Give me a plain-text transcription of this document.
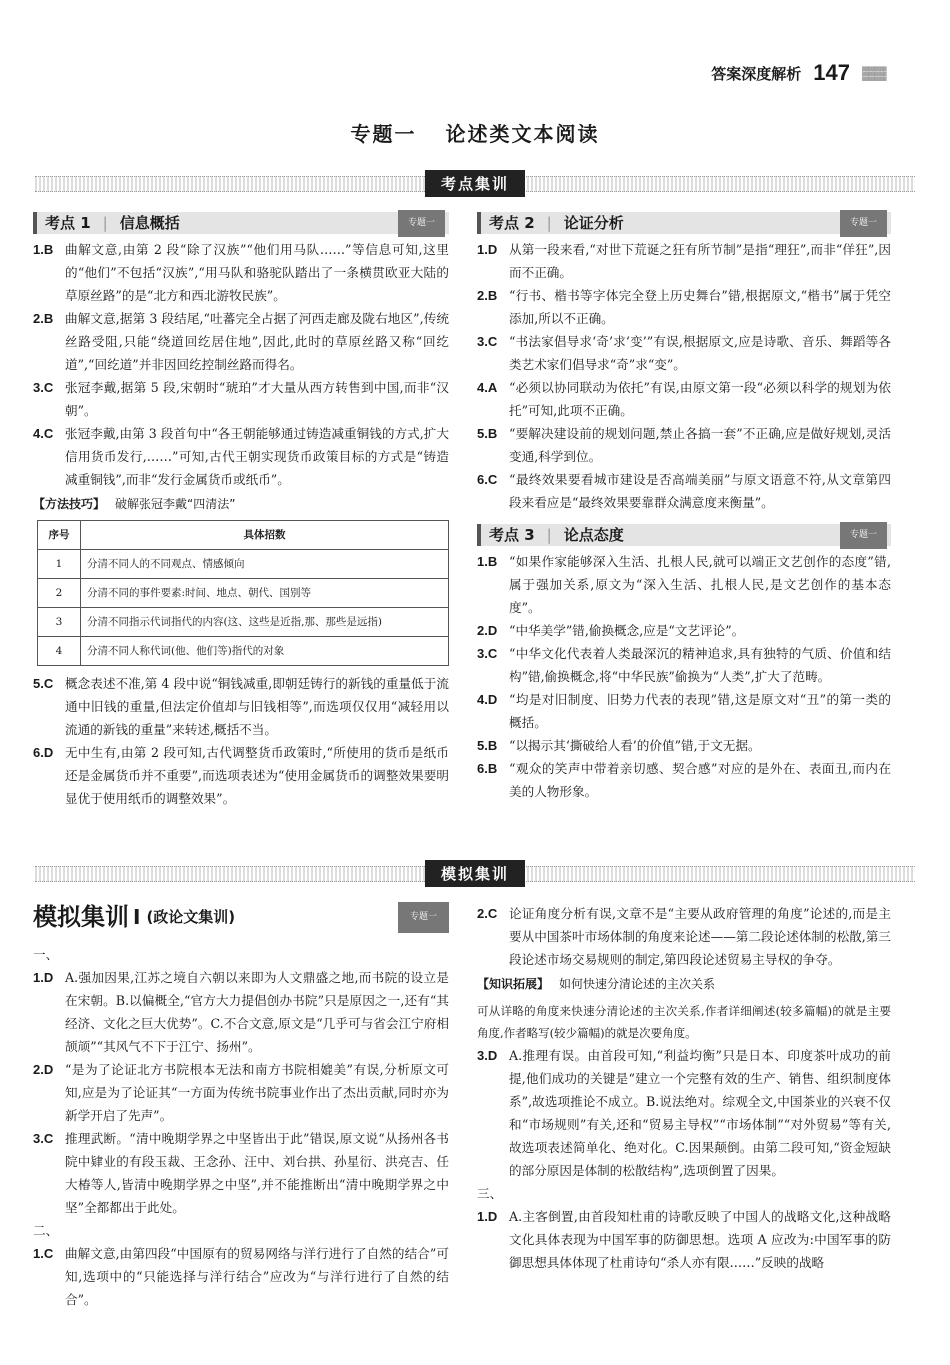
答案深度解析 147	▒▒▒▒▒▒▒▒ ▒▒▒▒▒▒▒▒ ▒▒▒▒▒▒▒▒
专题一 论述类文本阅读
考点集训
考点 1 | 信息概括	专题一
1.B 曲解文意,由第 2 段“除了汉族”“他们用马队……”等信息可知,这里的“他们”不包括“汉族”,“用马队和骆驼队踏出了一条横贯欧亚大陆的草原丝路”的是“北方和西北游牧民族”。
2.B 曲解文意,据第 3 段结尾,“吐蕃完全占据了河西走廊及陇右地区”,传统丝路受阻,只能“绕道回纥居住地”,因此,此时的草原丝路又称“回纥道”,“回纥道”并非因回纥控制丝路而得名。
3.C 张冠李戴,据第 5 段,宋朝时“琥珀”才大量从西方转售到中国,而非“汉朝”。
4.C 张冠李戴,由第 3 段首句中“各王朝能够通过铸造减重铜钱的方式,扩大信用货币发行,……”可知,古代王朝实现货币政策目标的方式是“铸造减重铜钱”,而非“发行金属货币或纸币”。
【方法技巧】 破解张冠李戴“四清法”
序号	具体招数
1	分清不同人的不同观点、情感倾向
2	分清不同的事件要素:时间、地点、朝代、国别等
3	分清不同指示代词指代的内容(这、这些是近指,那、那些是远指)
4	分清不同人称代词(他、他们等)指代的对象
5.C 概念表述不准,第 4 段中说“铜钱减重,即朝廷铸行的新钱的重量低于流通中旧钱的重量,但法定价值却与旧钱相等”,而选项仅仅用“减轻用以流通的新钱的重量”来转述,概括不当。
6.D 无中生有,由第 2 段可知,古代调整货币政策时,“所使用的货币是纸币还是金属货币并不重要”,而选项表述为“使用金属货币的调整效果要明显优于使用纸币的调整效果”。
考点 2 | 论证分析	专题一
1.D 从第一段来看,“对世下荒诞之狂有所节制”是指“理狂”,而非“佯狂”,因而不正确。
2.B “行书、楷书等字体完全登上历史舞台”错,根据原文,“楷书”属于凭空添加,所以不正确。
3.C “书法家倡导求‘奇’求‘变’”有误,根据原文,应是诗歌、音乐、舞蹈等各类艺术家们倡导求“奇”求“变”。
4.A “必须以协同联动为依托”有误,由原文第一段“必须以科学的规划为依托”可知,此项不正确。
5.B “要解决建设前的规划问题,禁止各搞一套”不正确,应是做好规划,灵活变通,科学到位。
6.C “最终效果要看城市建设是否高端美丽”与原文语意不符,从文章第四段来看应是“最终效果要靠群众满意度来衡量”。
考点 3 | 论点态度	专题一
1.B “如果作家能够深入生活、扎根人民,就可以端正文艺创作的态度”错,属于强加关系,原文为“深入生活、扎根人民,是文艺创作的基本态度”。
2.D “中华美学”错,偷换概念,应是“文艺评论”。
3.C “中华文化代表着人类最深沉的精神追求,具有独特的气质、价值和结构”错,偷换概念,将“中华民族”偷换为“人类”,扩大了范畴。
4.D “均是对旧制度、旧势力代表的表现”错,这是原文对“丑”的第一类的概括。
5.B “以揭示其‘撕破给人看’的价值”错,于文无据。
6.B “观众的笑声中带着亲切感、契合感”对应的是外在、表面丑,而内在美的人物形象。
模拟集训
模拟集训 Ⅰ (政论文集训)	专题一
一、
1.D A.强加因果,江苏之境自六朝以来即为人文鼎盛之地,而书院的设立是在宋朝。B.以偏概全,“官方大力提倡创办书院”只是原因之一,还有“其经济、文化之巨大优势”。C.不合文意,原文是“几乎可与省会江宁府相颉颃”“其风气不下于江宁、扬州”。
2.D “是为了论证北方书院根本无法和南方书院相媲美”有误,分析原文可知,应是为了论证其“一方面为传统书院事业作出了杰出贡献,同时亦为新学开启了先声”。
3.C 推理武断。“清中晚期学界之中坚皆出于此”错误,原文说“从扬州各书院中肄业的有段玉裁、王念孙、汪中、刘台拱、孙星衍、洪亮吉、任大椿等人,皆清中晚期学界之中坚”,并不能推断出“清中晚期学界之中坚”全都都出于此处。
二、
1.C 曲解文意,由第四段“中国原有的贸易网络与洋行进行了自然的结合”可知,选项中的“只能选择与洋行结合”应改为“与洋行进行了自然的结合”。
2.C 论证角度分析有误,文章不是“主要从政府管理的角度”论述的,而是主要从中国茶叶市场体制的角度来论述——第二段论述体制的松散,第三段论述市场交易规则的制定,第四段论述贸易主导权的争夺。
【知识拓展】 如何快速分清论述的主次关系
可从详略的角度来快速分清论述的主次关系,作者详细阐述(较多篇幅)的就是主要角度,作者略写(较少篇幅)的就是次要角度。
3.D A.推理有误。由首段可知,“利益均衡”只是日本、印度茶叶成功的前提,他们成功的关键是“建立一个完整有效的生产、销售、组织制度体系”,故选项推论不成立。B.说法绝对。综观全文,中国茶业的兴衰不仅和“市场规则”有关,还和“贸易主导权”“市场体制”“对外贸易”等有关,故选项表述简单化、绝对化。C.因果颠倒。由第二段可知,“资金短缺的部分原因是体制的松散结构”,选项倒置了因果。
三、
1.D A.主客倒置,由首段知杜甫的诗歌反映了中国人的战略文化,这种战略文化具体表现为中国军事的防御思想。选项 A 应改为:中国军事的防御思想具体体现了杜甫诗句“杀人亦有限……”反映的战略
